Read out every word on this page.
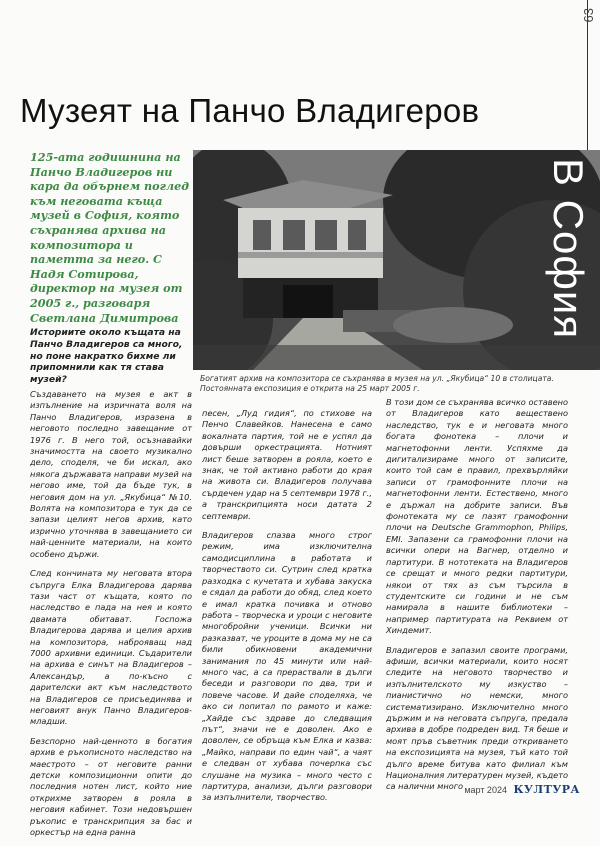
63
Музеят на Панчо Владигеров
125-ата годишнина на Панчо Владигеров ни кара да обърнем поглед към неговата къща музей в София, която съхранява архива на композитора и паметта за него. С Надя Сотирова, директор на музея от 2005 г., разговаря Светлана Димитрова
Историите около къщата на Панчо Владигеров са много, но поне накратко бихме ли припомнили как тя става музей?
В София
Богатият архив на композитора се съхранява в музея на ул. „Якубица“ 10 в столицата. Постоянната експозиция е открита на 25 март 2005 г.

Създаването на музея е акт в изпълнение на изричната воля на Панчо Владигеров, изразена в неговото последно завещание от 1976 г. В него той, осъзнавайки значимостта на своето музикално дело, споделя, че би искал, ако някога държавата направи музей на негово име, той да бъде тук, в неговия дом на ул. „Якубица“ №10. Волята на композитора е тук да се запази целият негов архив, като изрично уточнява в завещанието си най-ценните материали, на които особено държи.

След кончината му неговата втора съпруга Елка Владигерова дарява тази част от къщата, която по наследство е пада на нея и която двамата обитават. Госпожа Владигерова дарява и целия архив на композитора, наброяващ над 7000 архивни единици. Съдарители на архива е синът на Владигеров – Александър, а по-късно с дарителски акт към наследството на Владигеров се присъединява и неговият внук Панчо Владигеров-младши.

Безспорно най-ценното в богатия архив е ръкописното наследство на маестрото – от неговите ранни детски композиционни опити до последния нотен лист, който ние открихме затворен в рояла в неговия кабинет. Този недовършен ръкопис е транскрипция за бас и оркестър на една ранна

песен, „Луд гидия“, по стихове на Пенчо Славейков. Нанесена е само вокалната партия, той не е успял да довърши оркестрацията. Нотният лист беше затворен в рояла, което е знак, че той активно работи до края на живота си. Владигеров получава сърдечен удар на 5 септември 1978 г., а транскрипцията носи датата 2 септември.

Владигеров спазва много строг режим, има изключителна самодисциплина в работата и творчеството си. Сутрин след кратка разходка с кучетата и хубава закуска е сядал да работи до обяд, след което е имал кратка почивка и отново работа – творческа и уроци с неговите многобройни ученици. Всички ни разказват, че уроците в дома му не са били обикновени академични занимания по 45 минути или най-много час, а са прераствали в дълги беседи и разговори по два, три и повече часове. И дайе споделяха, че ако си попитал по рамото и каже: „Хайде със здраве до следващия път“, значи не е доволен. Ако е доволен, се обръща към Елка и казва: „Майко, направи по един чай“, а чаят е следван от хубава почерпка със слушане на музика – много често с партитура, анализи, дълги разговори за изпълнители, творчество.

В този дом се съхранява всичко оставено от Владигеров като веществено наследство, тук е и неговата много богата фонотека – плочи и магнетофонни ленти. Успяхме да дигитализираме много от записите, които той сам е правил, прехвърляйки записи от грамофонните плочи на магнетофонни ленти. Естествено, много е държал на добрите записи. Във фонотеката му се пазят грамофонни плочи на Deutsche Grammophon, Philips, EMI. Запазени са грамофонни плочи на всички опери на Вагнер, отделно и партитури. В нототеката на Владигеров се срещат и много редки партитури, някои от тях аз съм търсила в студентските си години и не съм намирала в нашите библиотеки – например партитурата на Реквием от Хиндемит.

Владигеров е запазил своите програми, афиши, всички материали, които носят следите на неговото творчество и изпълнителското му изкуство – пианистично но немски, много систематизирано. Изключително много държим и на неговата съпруга, предала архива в добре подреден вид. Тя беше и моят пръв съветник преди откриването на експозицията на музея, тъй като той дълго време битува като филиал към Националния литературен музей, където са налични много март 2024 КУЛТУРА
